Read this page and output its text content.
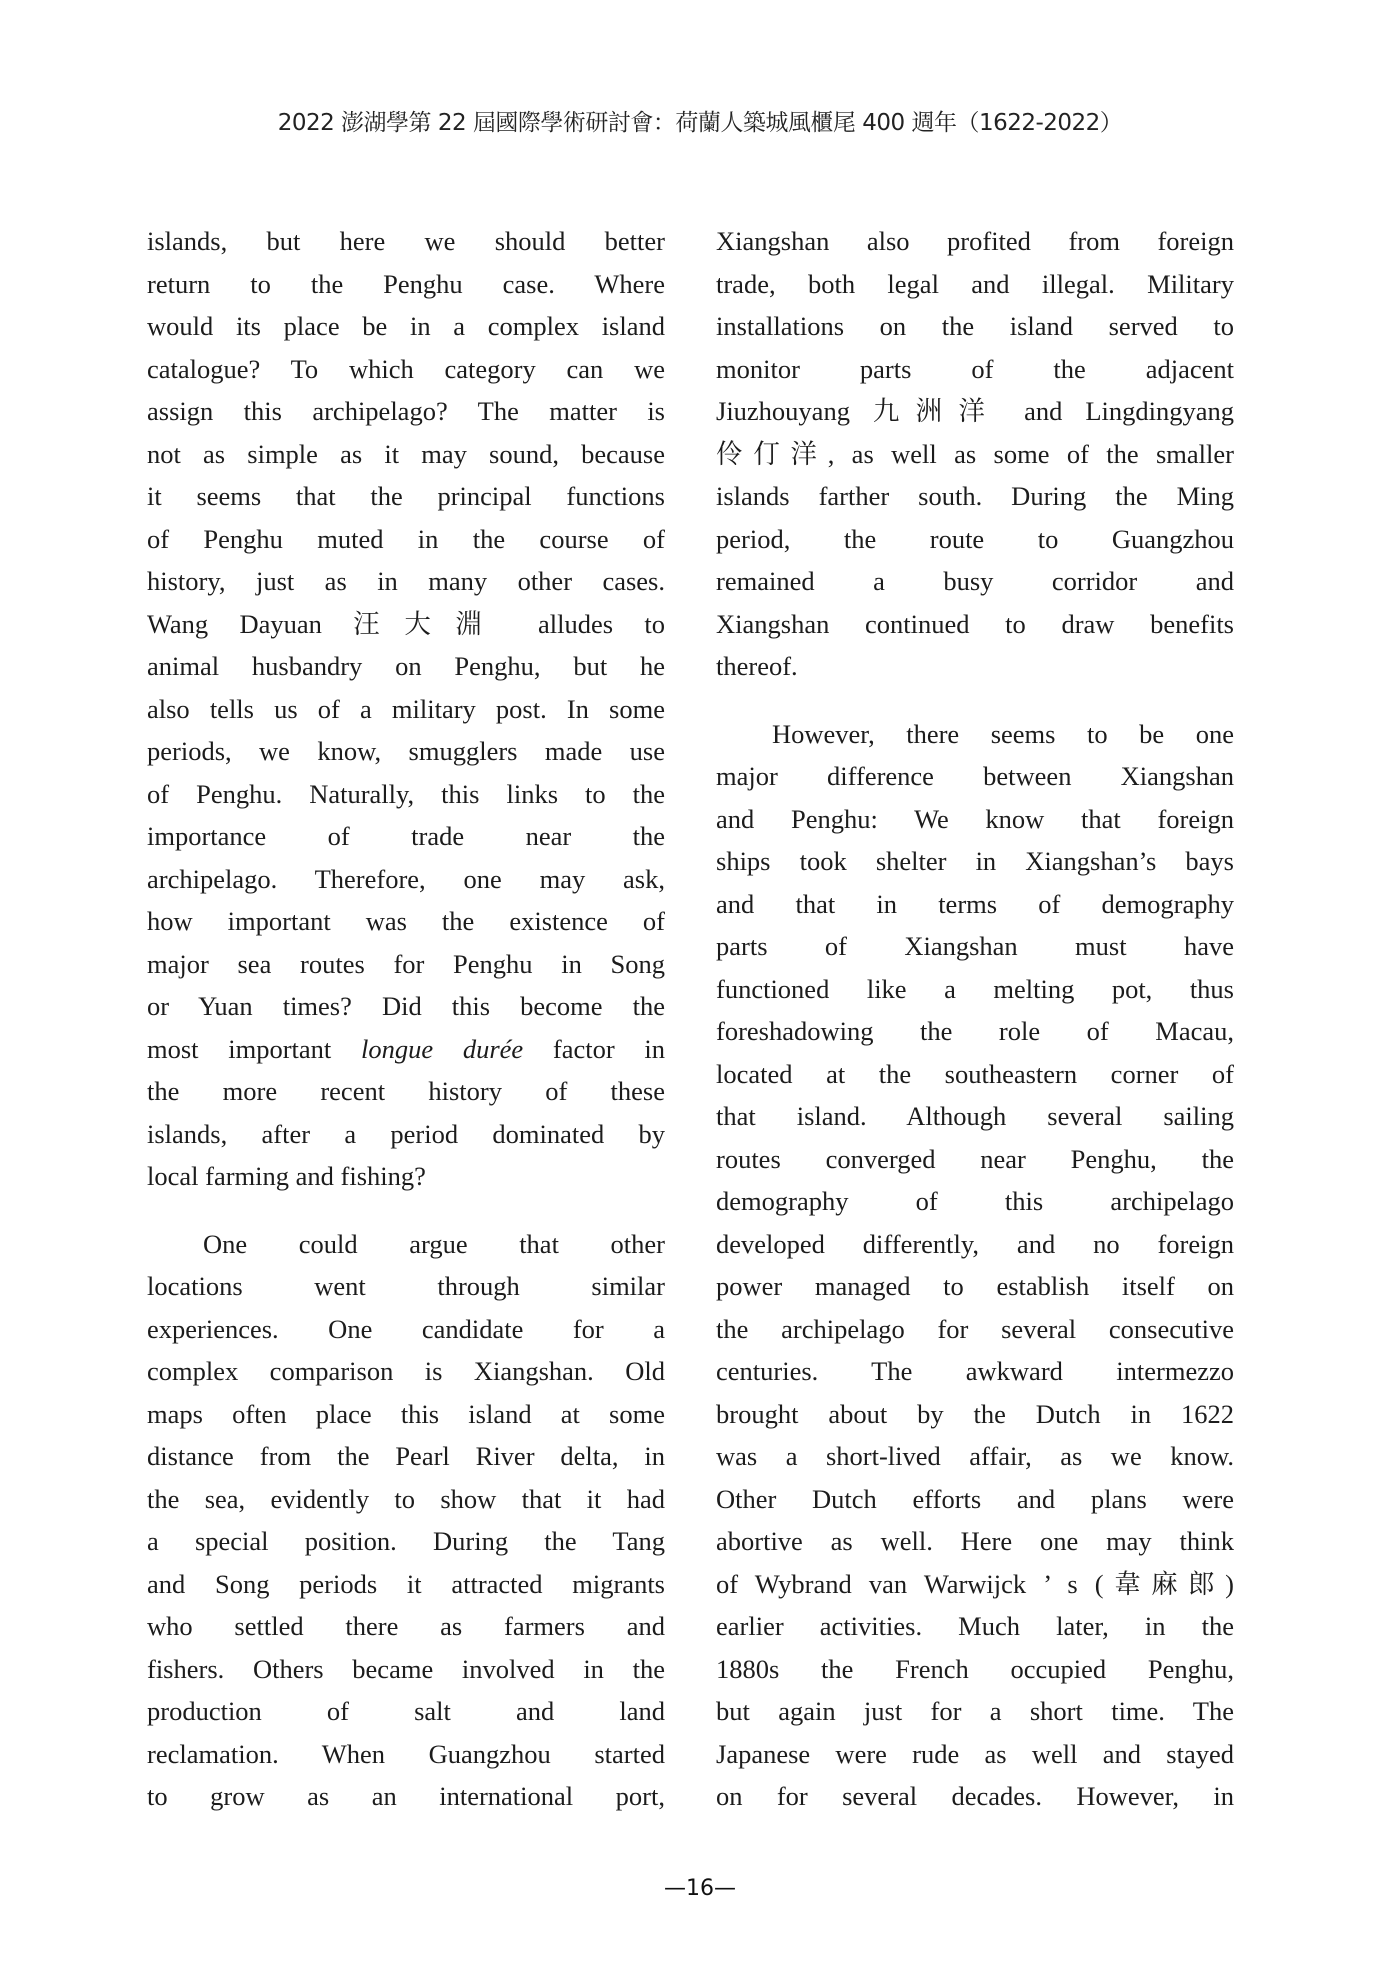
2022 澎湖學第 22 屆國際學術研討會：荷蘭人築城風櫃尾 400 週年（1622-2022）
islands, but here we should better
return to the Penghu case. Where
would its place be in a complex island
catalogue? To which category can we
assign this archipelago? The matter is
not as simple as it may sound, because
it seems that the principal functions
of Penghu muted in the course of
history, just as in many other cases.
Wang Dayuan 汪大淵 alludes to
animal husbandry on Penghu, but he
also tells us of a military post. In some
periods, we know, smugglers made use
of Penghu. Naturally, this links to the
importance of trade near the
archipelago. Therefore, one may ask,
how important was the existence of
major sea routes for Penghu in Song
or Yuan times? Did this become the
most important longue durée factor in
the more recent history of these
islands, after a period dominated by
local farming and fishing?
One could argue that other
locations went through similar
experiences. One candidate for a
complex comparison is Xiangshan. Old
maps often place this island at some
distance from the Pearl River delta, in
the sea, evidently to show that it had
a special position. During the Tang
and Song periods it attracted migrants
who settled there as farmers and
fishers. Others became involved in the
production of salt and land
reclamation. When Guangzhou started
to grow as an international port,
Xiangshan also profited from foreign
trade, both legal and illegal. Military
installations on the island served to
monitor parts of the adjacent
Jiuzhouyang 九洲洋 and Lingdingyang
伶仃洋, as well as some of the smaller
islands farther south. During the Ming
period, the route to Guangzhou
remained a busy corridor and
Xiangshan continued to draw benefits
thereof.
However, there seems to be one
major difference between Xiangshan
and Penghu: We know that foreign
ships took shelter in Xiangshan’s bays
and that in terms of demography
parts of Xiangshan must have
functioned like a melting pot, thus
foreshadowing the role of Macau,
located at the southeastern corner of
that island. Although several sailing
routes converged near Penghu, the
demography of this archipelago
developed differently, and no foreign
power managed to establish itself on
the archipelago for several consecutive
centuries. The awkward intermezzo
brought about by the Dutch in 1622
was a short-lived affair, as we know.
Other Dutch efforts and plans were
abortive as well. Here one may think
of Wybrand van Warwijck ’ s (韋麻郎)
earlier activities. Much later, in the
1880s the French occupied Penghu,
but again just for a short time. The
Japanese were rude as well and stayed
on for several decades. However, in
—16—
